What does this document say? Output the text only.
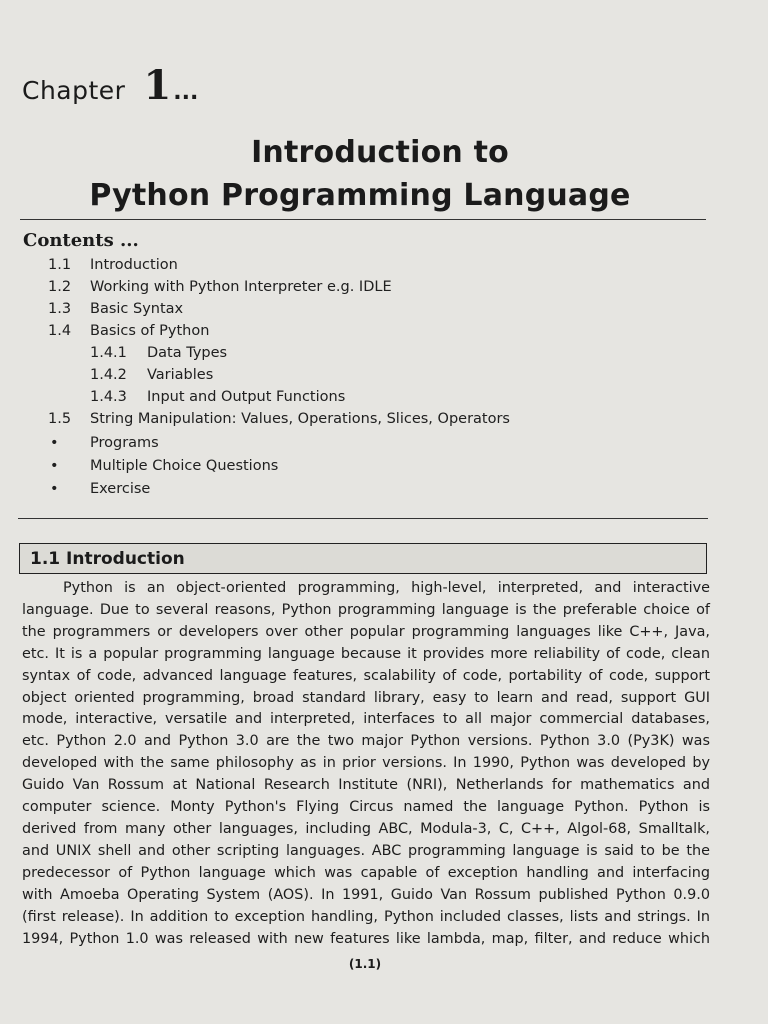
Chapter 1 ...
Introduction to
Python Programming Language
Contents ...
1.1 Introduction
1.2 Working with Python Interpreter e.g. IDLE
1.3 Basic Syntax
1.4 Basics of Python
1.4.1 Data Types
1.4.2 Variables
1.4.3 Input and Output Functions
1.5 String Manipulation: Values, Operations, Slices, Operators
• Programs
• Multiple Choice Questions
• Exercise
1.1 Introduction
Python is an object-oriented programming, high-level, interpreted, and interactive
language. Due to several reasons, Python programming language is the preferable choice of
the programmers or developers over other popular programming languages like C++, Java,
etc. It is a popular programming language because it provides more reliability of code, clean
syntax of code, advanced language features, scalability of code, portability of code, support
object oriented programming, broad standard library, easy to learn and read, support GUI
mode, interactive, versatile and interpreted, interfaces to all major commercial databases,
etc. Python 2.0 and Python 3.0 are the two major Python versions. Python 3.0 (Py3K) was
developed with the same philosophy as in prior versions. In 1990, Python was developed by
Guido Van Rossum at National Research Institute (NRI), Netherlands for mathematics and
computer science. Monty Python's Flying Circus named the language Python. Python is
derived from many other languages, including ABC, Modula-3, C, C++, Algol-68, Smalltalk,
and UNIX shell and other scripting languages. ABC programming language is said to be the
predecessor of Python language which was capable of exception handling and interfacing
with Amoeba Operating System (AOS). In 1991, Guido Van Rossum published Python 0.9.0
(first release). In addition to exception handling, Python included classes, lists and strings. In
1994, Python 1.0 was released with new features like lambda, map, filter, and reduce which
(1.1)
